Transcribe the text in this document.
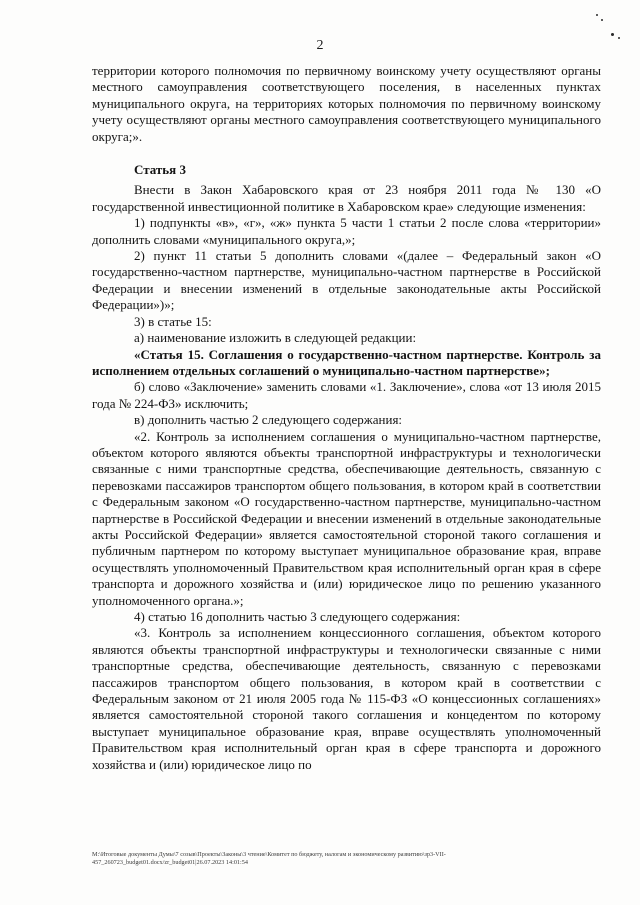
2

территории которого полномочия по первичному воинскому учету осуществляют органы местного самоуправления соответствующего поселения, в населенных пунктах муниципального округа, на территориях которых полномочия по первичному воинскому учету осуществляют органы местного самоуправления соответствующего муниципального округа;».

Статья 3

Внести в Закон Хабаровского края от 23 ноября 2011 года № 130 «О государственной инвестиционной политике в Хабаровском крае» следующие изменения:

1) подпункты «в», «г», «ж» пункта 5 части 1 статьи 2 после слова «территории» дополнить словами «муниципального округа,»;

2) пункт 11 статьи 5 дополнить словами «(далее – Федеральный закон «О государственно-частном партнерстве, муниципально-частном партнерстве в Российской Федерации и внесении изменений в отдельные законодательные акты Российской Федерации»)»;

3) в статье 15:

а) наименование изложить в следующей редакции:

«Статья 15. Соглашения о государственно-частном партнерстве. Контроль за исполнением отдельных соглашений о муниципально-частном партнерстве»;

б) слово «Заключение» заменить словами «1. Заключение», слова «от 13 июля 2015 года № 224-ФЗ» исключить;

в) дополнить частью 2 следующего содержания:

«2. Контроль за исполнением соглашения о муниципально-частном партнерстве, объектом которого являются объекты транспортной инфраструктуры и технологически связанные с ними транспортные средства, обеспечивающие деятельность, связанную с перевозками пассажиров транспортом общего пользования, в котором край в соответствии с Федеральным законом «О государственно-частном партнерстве, муниципально-частном партнерстве в Российской Федерации и внесении изменений в отдельные законодательные акты Российской Федерации» является самостоятельной стороной такого соглашения и публичным партнером по которому выступает муниципальное образование края, вправе осуществлять уполномоченный Правительством края исполнительный орган края в сфере транспорта и дорожного хозяйства и (или) юридическое лицо по решению указанного уполномоченного органа.»;

4) статью 16 дополнить частью 3 следующего содержания:

«3. Контроль за исполнением концессионного соглашения, объектом которого являются объекты транспортной инфраструктуры и технологически связанные с ними транспортные средства, обеспечивающие деятельность, связанную с перевозками пассажиров транспортом общего пользования, в котором край в соответствии с Федеральным законом от 21 июля 2005 года № 115-ФЗ «О концессионных соглашениях» является самостоятельной стороной такого соглашения и концедентом по которому выступает муниципальное образование края, вправе осуществлять уполномоченный Правительством края исполнительный орган края в сфере транспорта и дорожного хозяйства и (или) юридическое лицо по

М:\Итоговые документы Думы\7 созыв\Проекты\Законы\3 чтение\Комитет по бюджету, налогам и экономическому развитию\зр3-VII-

457_260723_budget01.docx/zr_budget01|26.07.2023 14:01:54
